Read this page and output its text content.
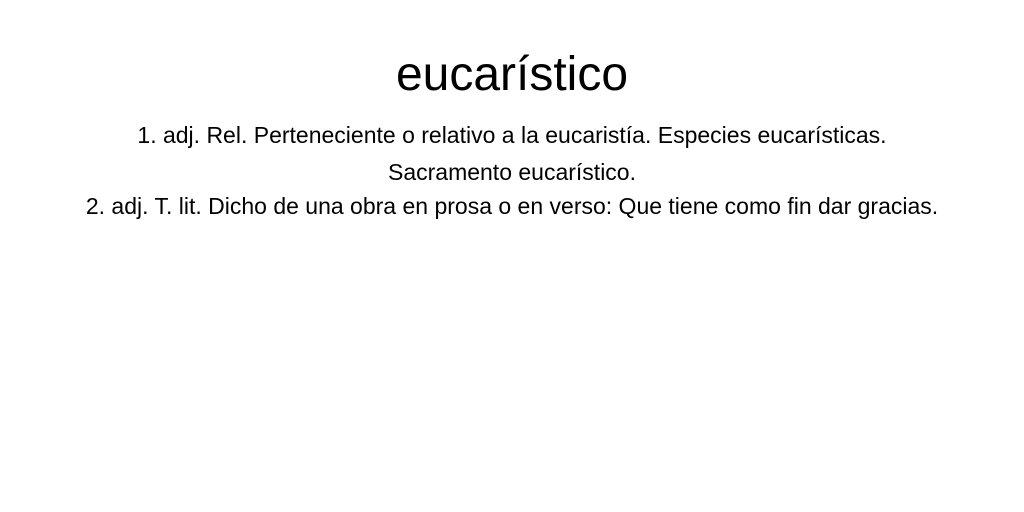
eucarístico
1. adj. Rel. Perteneciente o relativo a la eucaristía. Especies eucarísticas. Sacramento eucarístico.
2. adj. T. lit. Dicho de una obra en prosa o en verso: Que tiene como fin dar gracias.
